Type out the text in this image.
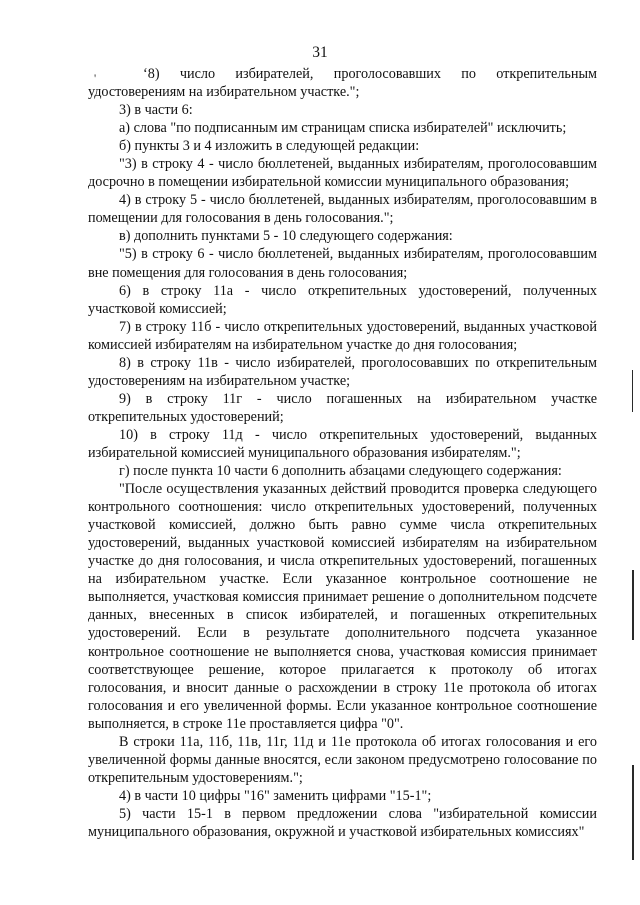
31
'	‘8) число избирателей, проголосовавших по открепительным удостоверениям на избирательном участке.";

3) в части 6:

а) слова "по подписанным им страницам списка избирателей" исключить;

б) пункты 3 и 4 изложить в следующей редакции:

"3) в строку 4 - число бюллетеней, выданных избирателям, проголосовавшим досрочно в помещении избирательной комиссии муниципального образования;

4) в строку 5 - число бюллетеней, выданных избирателям, проголосовавшим в помещении для голосования в день голосования.";

в) дополнить пунктами 5 - 10 следующего содержания:

"5) в строку 6 - число бюллетеней, выданных избирателям, проголосовавшим вне помещения для голосования в день голосования;

6) в строку 11а - число открепительных удостоверений, полученных участковой комиссией;

7) в строку 11б - число открепительных удостоверений, выданных участковой комиссией избирателям на избирательном участке до дня голосования;

8) в строку 11в - число избирателей, проголосовавших по открепительным удостоверениям на избирательном участке;

9) в строку 11г - число погашенных на избирательном участке открепительных удостоверений;

10) в строку 11д - число открепительных удостоверений, выданных избирательной комиссией муниципального образования избирателям.";

г) после пункта 10 части 6 дополнить абзацами следующего содержания:

"После осуществления указанных действий проводится проверка следующего контрольного соотношения: число открепительных удостоверений, полученных участковой комиссией, должно быть равно сумме числа открепительных удостоверений, выданных участковой комиссией избирателям на избирательном участке до дня голосования, и числа открепительных удостоверений, погашенных на избирательном участке. Если указанное контрольное соотношение не выполняется, участковая комиссия принимает решение о дополнительном подсчете данных, внесенных в список избирателей, и погашенных открепительных удостоверений. Если в результате дополнительного подсчета указанное контрольное соотношение не выполняется снова, участковая комиссия принимает соответствующее решение, которое прилагается к протоколу об итогах голосования, и вносит данные о расхождении в строку 11е протокола об итогах голосования и его увеличенной формы. Если указанное контрольное соотношение выполняется, в строке 11е проставляется цифра "0".

В строки 11а, 11б, 11в, 11г, 11д и 11е протокола об итогах голосования и его увеличенной формы данные вносятся, если законом предусмотрено голосование по открепительным удостоверениям.";

4) в части 10 цифры "16" заменить цифрами "15-1";

5) части 15-1 в первом предложении слова "избирательной комиссии муниципального образования, окружной и участковой избирательных комиссиях"
